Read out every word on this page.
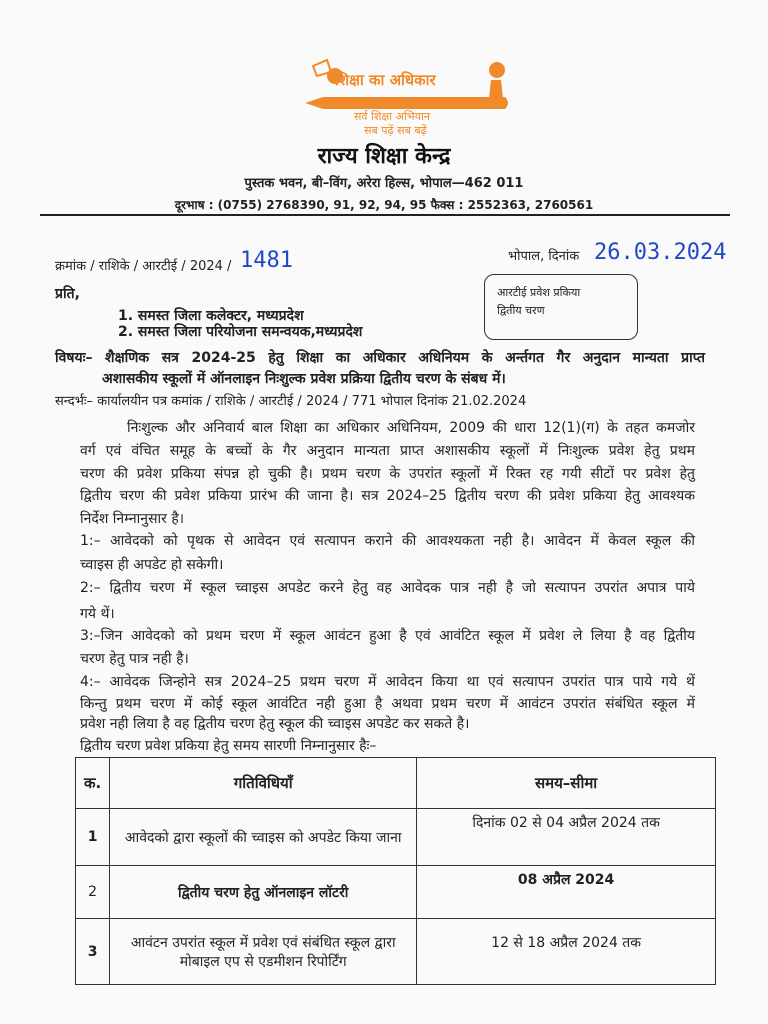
शिक्षा का अधिकार
सर्व शिक्षा अभियान
सब पढ़ें सब बढ़ें
राज्य शिक्षा केन्द्र
पुस्तक भवन, बी–विंग, अरेरा हिल्स, भोपाल—462 011
दूरभाष : (0755) 2768390, 91, 92, 94, 95 फैक्स : 2552363, 2760561
क्रमांक / राशिके / आरटीई / 2024 / 1481	भोपाल, दिनांक 26.03.2024
आरटीई प्रवेश प्रकिया
द्वितीय चरण
प्रति,
1. समस्त जिला कलेक्टर, मध्यप्रदेश
2. समस्त जिला परियोजना समन्वयक,मध्यप्रदेश
विषयः– शैक्षणिक सत्र 2024-25 हेतु शिक्षा का अधिकार अधिनियम के अर्न्तगत गैर अनुदान मान्यता प्राप्त
अशासकीय स्कूलों में ऑनलाइन निःशुल्क प्रवेश प्रक्रिया द्वितीय चरण के संबध में।
सन्दर्भः– कार्यालयीन पत्र कमांक / राशिके / आरटीई / 2024 / 771 भोपाल दिनांक 21.02.2024
निःशुल्क और अनिवार्य बाल शिक्षा का अधिकार अधिनियम, 2009 की धारा 12(1)(ग) के तहत कमजोर
वर्ग एवं वंचित समूह के बच्चों के गैर अनुदान मान्यता प्राप्त अशासकीय स्कूलों में निःशुल्क प्रवेश हेतु प्रथम
चरण की प्रवेश प्रकिया संपन्न हो चुकी है। प्रथम चरण के उपरांत स्कूलों में रिक्त रह गयी सीटों पर प्रवेश हेतु
द्वितीय चरण की प्रवेश प्रकिया प्रारंभ की जाना है। सत्र 2024–25 द्वितीय चरण की प्रवेश प्रकिया हेतु आवश्यक
निर्देश निम्नानुसार है।
1:– आवेदको को पृथक से आवेदन एवं सत्यापन कराने की आवश्यकता नही है। आवेदन में केवल स्कूल की
च्वाइस ही अपडेट हो सकेगी।
2:– द्वितीय चरण में स्कूल च्वाइस अपडेट करने हेतु वह आवेदक पात्र नही है जो सत्यापन उपरांत अपात्र पाये
गये थें।
3:–जिन आवेदको को प्रथम चरण में स्कूल आवंटन हुआ है एवं आवंटित स्कूल में प्रवेश ले लिया है वह द्वितीय
चरण हेतु पात्र नही है।
4:– आवेदक जिन्होने सत्र 2024–25 प्रथम चरण में आवेदन किया था एवं सत्यापन उपरांत पात्र पाये गये थें
किन्तु प्रथम चरण में कोई स्कूल आवंटित नही हुआ है अथवा प्रथम चरण में आवंटन उपरांत संबंधित स्कूल में
प्रवेश नही लिया है वह द्वितीय चरण हेतु स्कूल की च्वाइस अपडेट कर सकते है।
द्वितीय चरण प्रवेश प्रकिया हेतु समय सारणी निम्नानुसार हैः–
क.	गतिविधियाँ	समय–सीमा
1	आवेदको द्वारा स्कूलों की च्वाइस को अपडेट किया जाना	दिनांक 02 से 04 अप्रैल 2024 तक
2	द्वितीय चरण हेतु ऑनलाइन लॉटरी	08 अप्रैल 2024
3	आवंटन उपरांत स्कूल में प्रवेश एवं संबंधित स्कूल द्वारा मोबाइल एप से एडमीशन रिपोर्टिंग	12 से 18 अप्रैल 2024 तक
